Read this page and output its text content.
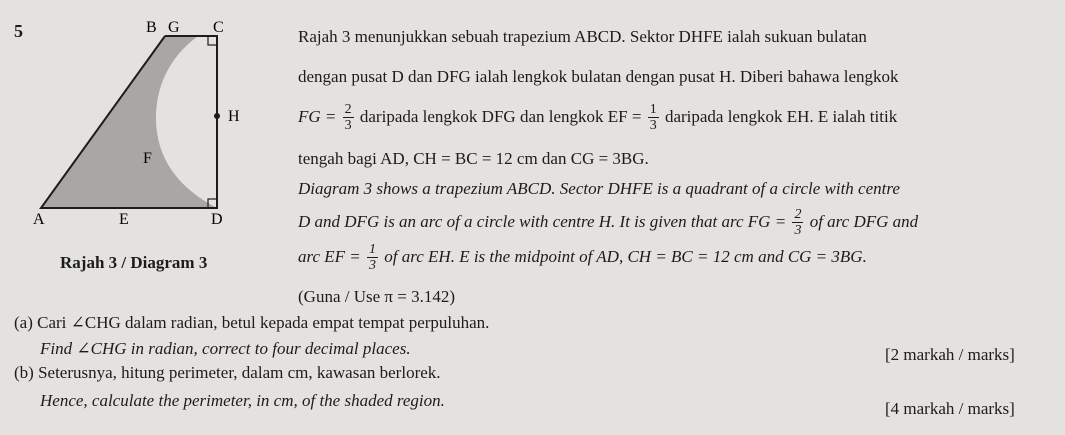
5	B G C
H
F
A	E	D
Rajah 3 / Diagram 3
Rajah 3 menunjukkan sebuah trapezium ABCD. Sektor DHFE ialah sukuan bulatan
dengan pusat D dan DFG ialah lengkok bulatan dengan pusat H. Diberi bahawa lengkok
FG = $\frac{2}{3}$ daripada lengkok DFG dan lengkok EF = $\frac{1}{3}$ daripada lengkok EH. E ialah titik
tengah bagi AD, CH = BC = 12 cm dan CG = 3BG.
Diagram 3 shows a trapezium ABCD. Sector DHFE is a quadrant of a circle with centre
D and DFG is an arc of a circle with centre H. It is given that arc FG = $\frac{2}{3}$ of arc DFG and
arc EF = $\frac{1}{3}$ of arc EH. E is the midpoint of AD, CH = BC = 12 cm and CG = 3BG.
(Guna / Use π = 3.142)
(a) Cari ∠CHG dalam radian, betul kepada empat tempat perpuluhan.
Find ∠CHG in radian, correct to four decimal places.	[2 markah / marks]
(b) Seterusnya, hitung perimeter, dalam cm, kawasan berlorek.
Hence, calculate the perimeter, in cm, of the shaded region.	[4 markah / marks]
